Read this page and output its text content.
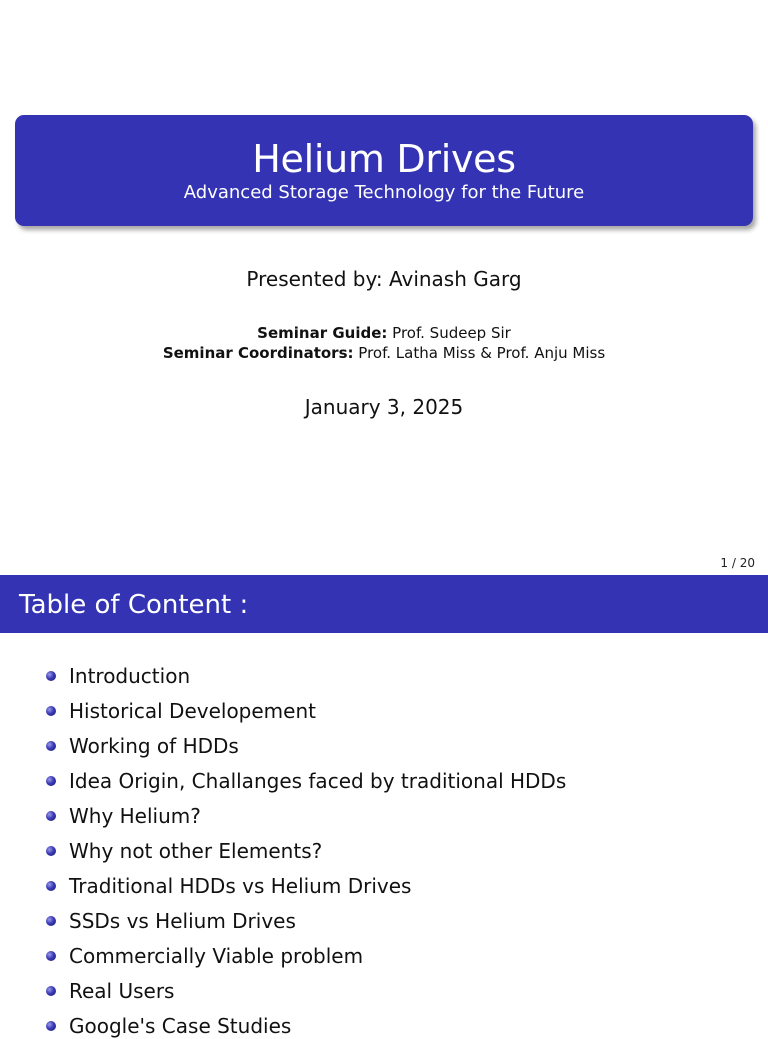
Helium Drives
Advanced Storage Technology for the Future
Presented by: Avinash Garg
Seminar Guide: Prof. Sudeep Sir
Seminar Coordinators: Prof. Latha Miss & Prof. Anju Miss
January 3, 2025
1 / 20
Table of Content :
Introduction
Historical Developement
Working of HDDs
Idea Origin, Challanges faced by traditional HDDs
Why Helium?
Why not other Elements?
Traditional HDDs vs Helium Drives
SSDs vs Helium Drives
Commercially Viable problem
Real Users
Google's Case Studies
